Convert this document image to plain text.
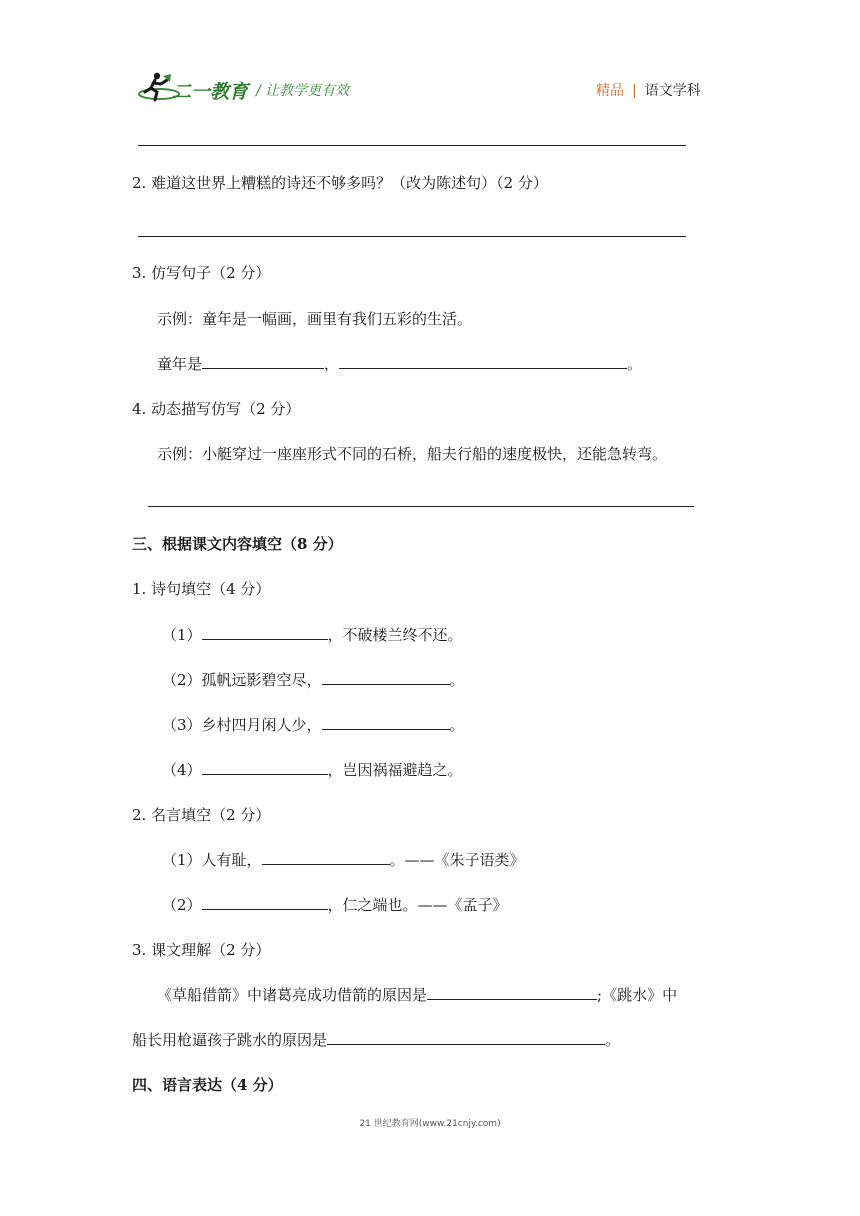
二一教育 / 让教学更有效	精品 | 语文学科
2. 难道这世界上糟糕的诗还不够多吗？（改为陈述句）（2 分）
3. 仿写句子（2 分）
示例：童年是一幅画，画里有我们五彩的生活。
童年是	，	。
4. 动态描写仿写（2 分）
示例：小艇穿过一座座形式不同的石桥，船夫行船的速度极快，还能急转弯。
三、根据课文内容填空（8 分）
1. 诗句填空（4 分）
（1）	，不破楼兰终不还。
（2）孤帆远影碧空尽，	。
（3）乡村四月闲人少，	。
（4）	，岂因祸福避趋之。
2. 名言填空（2 分）
（1）人有耻，	。——《朱子语类》
（2）	，仁之端也。——《孟子》
3. 课文理解（2 分）
《草船借箭》中诸葛亮成功借箭的原因是	;《跳水》中
船长用枪逼孩子跳水的原因是	。
四、语言表达（4 分）
21 世纪教育网(www.21cnjy.com)
